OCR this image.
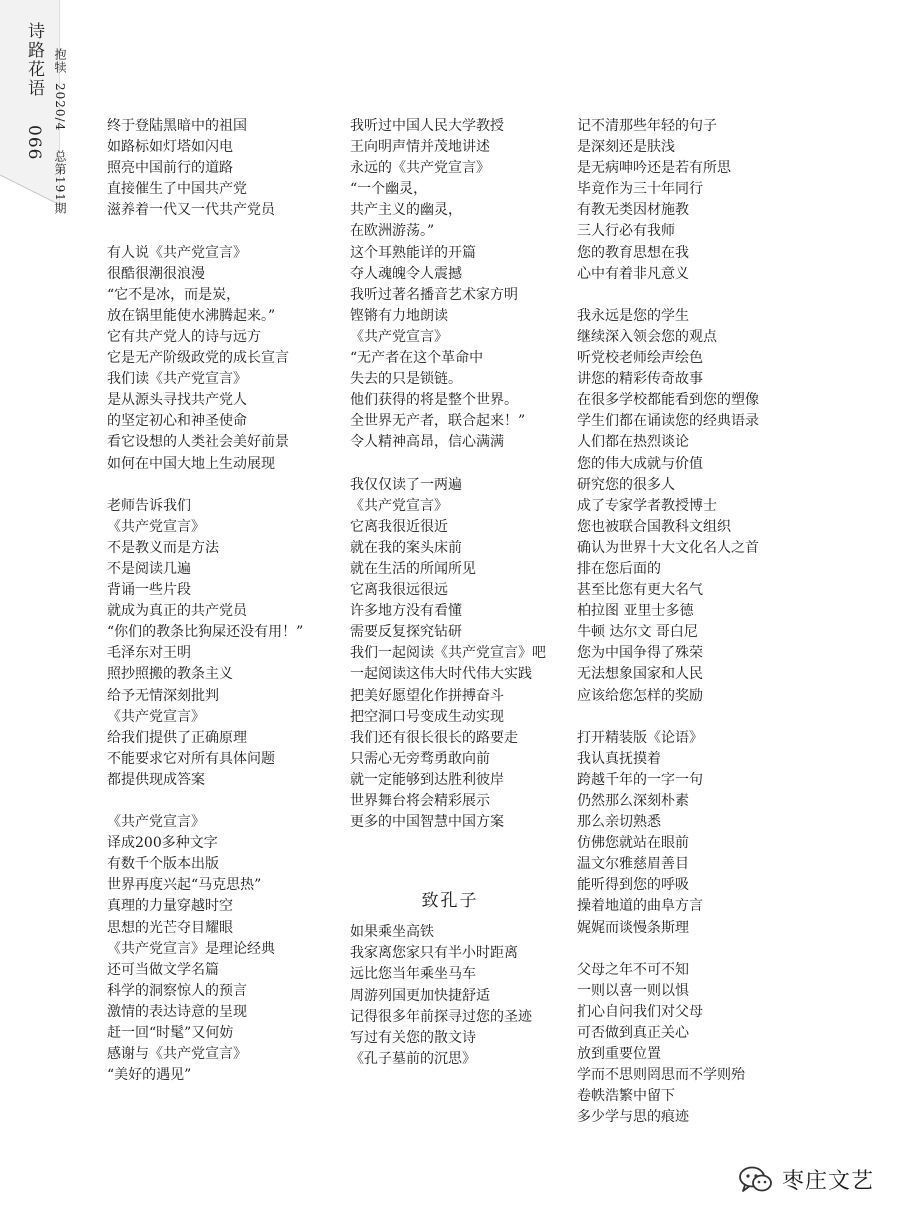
诗路花语 066
抱犊 2020/4 总第191期
终于登陆黑暗中的祖国
如路标如灯塔如闪电
照亮中国前行的道路
直接催生了中国共产党
滋养着一代又一代共产党员
有人说《共产党宣言》
很酷很潮很浪漫
“它不是冰，而是炭，
放在锅里能使水沸腾起来。”
它有共产党人的诗与远方
它是无产阶级政党的成长宣言
我们读《共产党宣言》
是从源头寻找共产党人
的坚定初心和神圣使命
看它设想的人类社会美好前景
如何在中国大地上生动展现
老师告诉我们
《共产党宣言》
不是教义而是方法
不是阅读几遍
背诵一些片段
就成为真正的共产党员
“你们的教条比狗屎还没有用！”
毛泽东对王明
照抄照搬的教条主义
给予无情深刻批判
《共产党宣言》
给我们提供了正确原理
不能要求它对所有具体问题
都提供现成答案
《共产党宣言》
译成200多种文字
有数千个版本出版
世界再度兴起“马克思热”
真理的力量穿越时空
思想的光芒夺目耀眼
《共产党宣言》是理论经典
还可当做文学名篇
科学的洞察惊人的预言
激情的表达诗意的呈现
赶一回“时髦”又何妨
感谢与《共产党宣言》
“美好的遇见”
我听过中国人民大学教授
王向明声情并茂地讲述
永远的《共产党宣言》
“一个幽灵，
共产主义的幽灵，
在欧洲游荡。”
这个耳熟能详的开篇
夺人魂魄令人震撼
我听过著名播音艺术家方明
铿锵有力地朗读
《共产党宣言》
“无产者在这个革命中
失去的只是锁链。
他们获得的将是整个世界。
全世界无产者，联合起来！”
令人精神高昂，信心满满
我仅仅读了一两遍
《共产党宣言》
它离我很近很近
就在我的案头床前
就在生活的所闻所见
它离我很远很远
许多地方没有看懂
需要反复探究钻研
我们一起阅读《共产党宣言》吧
一起阅读这伟大时代伟大实践
把美好愿望化作拼搏奋斗
把空洞口号变成生动实现
我们还有很长很长的路要走
只需心无旁骛勇敢向前
就一定能够到达胜利彼岸
世界舞台将会精彩展示
更多的中国智慧中国方案
致孔子
如果乘坐高铁
我家离您家只有半小时距离
远比您当年乘坐马车
周游列国更加快捷舒适
记得很多年前探寻过您的圣迹
写过有关您的散文诗
《孔子墓前的沉思》
记不清那些年轻的句子
是深刻还是肤浅
是无病呻吟还是若有所思
毕竟作为三十年同行
有教无类因材施教
三人行必有我师
您的教育思想在我
心中有着非凡意义
我永远是您的学生
继续深入领会您的观点
听党校老师绘声绘色
讲您的精彩传奇故事
在很多学校都能看到您的塑像
学生们都在诵读您的经典语录
人们都在热烈谈论
您的伟大成就与价值
研究您的很多人
成了专家学者教授博士
您也被联合国教科文组织
确认为世界十大文化名人之首
排在您后面的
甚至比您有更大名气
柏拉图 亚里士多德
牛顿 达尔文 哥白尼
您为中国争得了殊荣
无法想象国家和人民
应该给您怎样的奖励
打开精装版《论语》
我认真抚摸着
跨越千年的一字一句
仍然那么深刻朴素
那么亲切熟悉
仿佛您就站在眼前
温文尔雅慈眉善目
能听得到您的呼吸
操着地道的曲阜方言
娓娓而谈慢条斯理
父母之年不可不知
一则以喜一则以惧
扪心自问我们对父母
可否做到真正关心
放到重要位置
学而不思则罔思而不学则殆
卷帙浩繁中留下
多少学与思的痕迹
枣庄文艺
